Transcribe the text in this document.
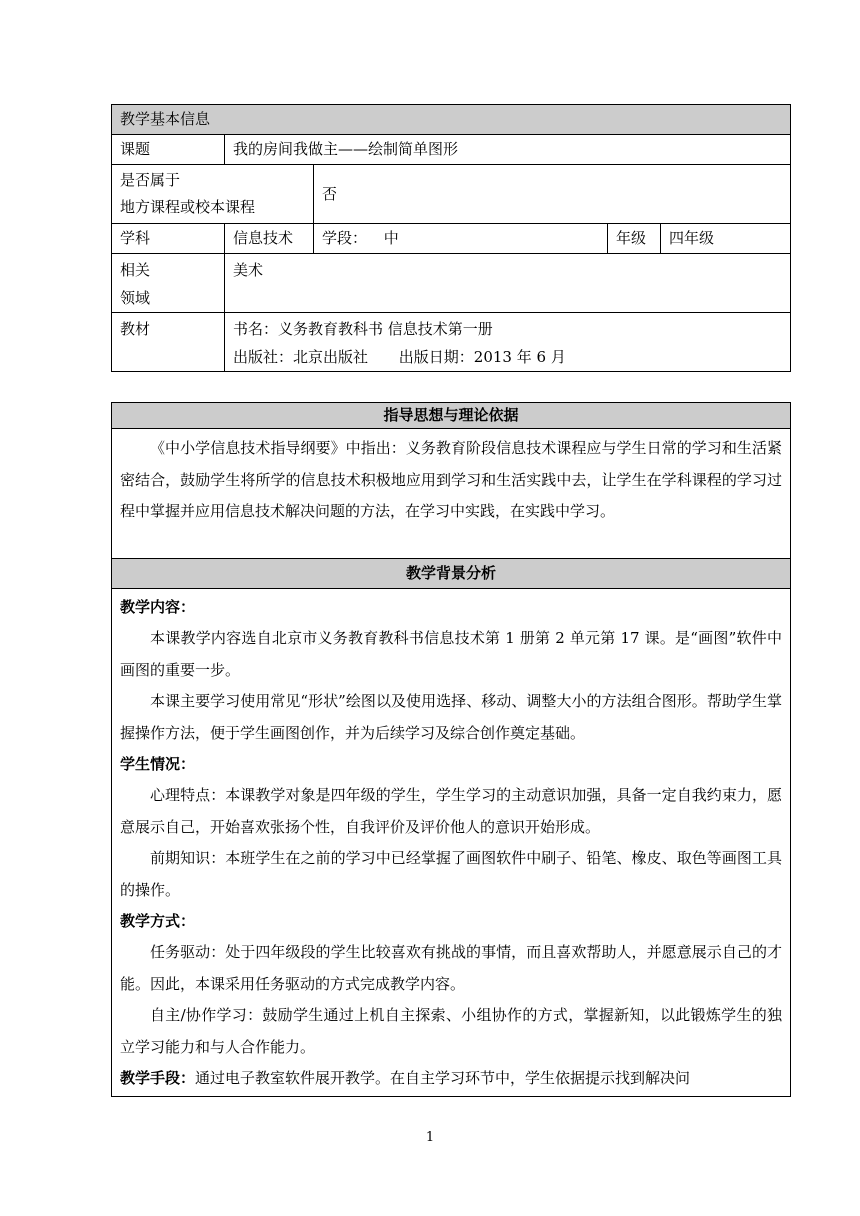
教学基本信息				
课题	我的房间我做主——绘制简单图形			

是否属于
地方课程或校本课程		否		
学科	信息技术	学段： 中	年级	四年级

相关
领域	美术			
教材	书名：义务教育教科书 信息技术第一册
出版社：北京出版社 出版日期：2013 年 6 月			
指导思想与理论依据

《中小学信息技术指导纲要》中指出：义务教育阶段信息技术课程应与学生日常的学习和生活紧密结合，鼓励学生将所学的信息技术积极地应用到学习和生活实践中去，让学生在学科课程的学习过程中掌握并应用信息技术解决问题的方法，在学习中实践，在实践中学习。

教学背景分析

教学内容：

本课教学内容选自北京市义务教育教科书信息技术第 1 册第 2 单元第 17 课。是“画图”软件中画图的重要一步。

本课主要学习使用常见“形状”绘图以及使用选择、移动、调整大小的方法组合图形。帮助学生掌握操作方法，便于学生画图创作，并为后续学习及综合创作奠定基础。

学生情况：

心理特点：本课教学对象是四年级的学生，学生学习的主动意识加强，具备一定自我约束力，愿意展示自己，开始喜欢张扬个性，自我评价及评价他人的意识开始形成。

前期知识：本班学生在之前的学习中已经掌握了画图软件中刷子、铅笔、橡皮、取色等画图工具的操作。

教学方式：

任务驱动：处于四年级段的学生比较喜欢有挑战的事情，而且喜欢帮助人，并愿意展示自己的才能。因此，本课采用任务驱动的方式完成教学内容。

自主/协作学习：鼓励学生通过上机自主探索、小组协作的方式，掌握新知，以此锻炼学生的独立学习能力和与人合作能力。

教学手段：通过电子教室软件展开教学。在自主学习环节中，学生依据提示找到解决问

1
